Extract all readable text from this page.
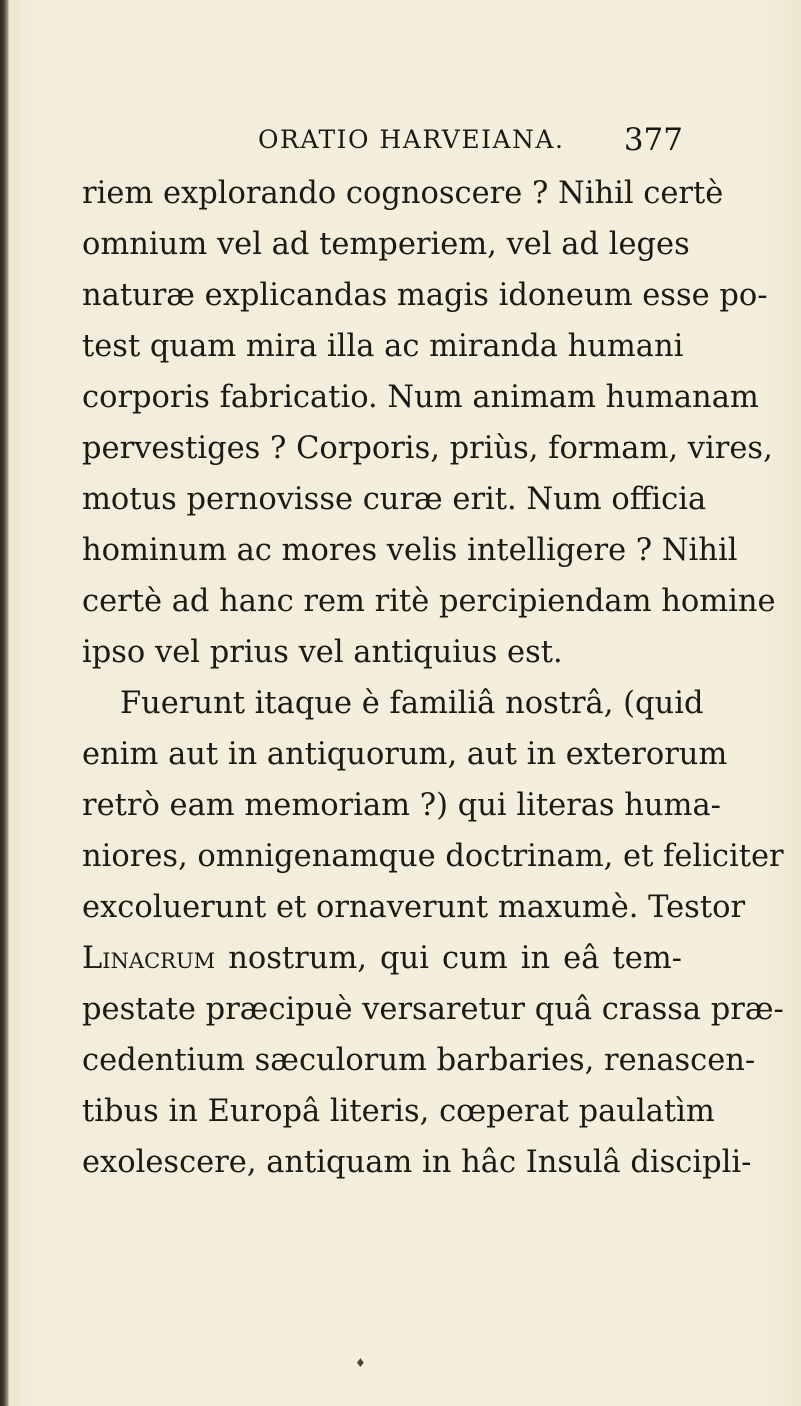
ORATIO HARVEIANA. 377
riem explorando cognoscere ? Nihil certè
omnium vel ad temperiem, vel ad leges
naturæ explicandas magis idoneum esse po-
test quam mira illa ac miranda humani
corporis fabricatio. Num animam humanam
pervestiges ? Corporis, priùs, formam, vires,
motus pernovisse curæ erit. Num officia
hominum ac mores velis intelligere ? Nihil
certè ad hanc rem ritè percipiendam homine
ipso vel prius vel antiquius est.
Fuerunt itaque è familiâ nostrâ, (quid
enim aut in antiquorum, aut in exterorum
retrò eam memoriam ?) qui literas huma-
niores, omnigenamque doctrinam, et feliciter
excoluerunt et ornaverunt maxumè. Testor
Linacrum nostrum, qui cum in eâ tem-
pestate præcipuè versaretur quâ crassa præ-
cedentium sæculorum barbaries, renascen-
tibus in Europâ literis, cœperat paulatìm
exolescere, antiquam in hâc Insulâ discipli-
♦
